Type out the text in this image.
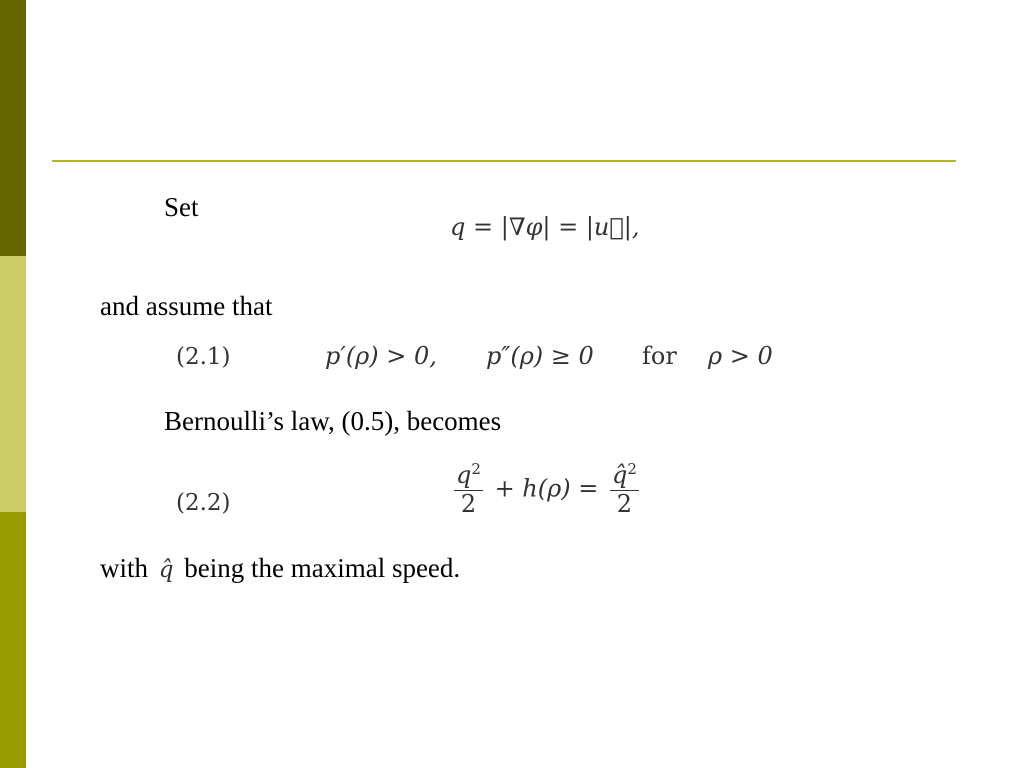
Set
q = |∇φ| = |u⃗|,
and assume that
(2.1)	p′(ρ) > 0, p″(ρ) ≥ 0 for ρ > 0
Bernoulli’s law, (0.5), becomes
(2.2)	$\frac{q^2}{2} + h(\rho) = \frac{q̂^2}{2}$
with q̂ being the maximal speed.
